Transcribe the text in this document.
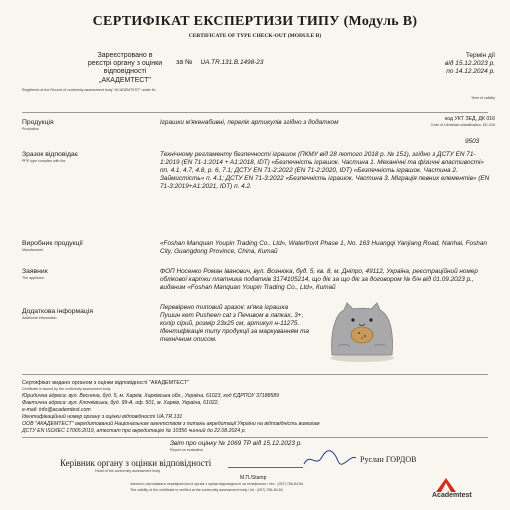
СЕРТИФІКАТ ЕКСПЕРТИЗИ ТИПУ (Модуль В)
CERTIFICATE OF TYPE CHECK-OUT (MODULE B)
Зареєстровано в реєстрі органу з оцінки відповідності „АКАДЕМТЕСТ"
Registered at the Record of conformity assessment body "ACADEMTEST" under №
за № UA.TR.131.B.1498-23
Термін дії
від 15.12.2023 р.
по 14.12.2024 р.
Term of validity
Продукція
Production
Іграшки м'якенабивні, перелік артикулів згідно з додатком	код УКТ ЗЕД, ДК 016
Code of Ukrainian classification, DK-016
9503
Зразок відповідає
PPE type complies with the
Технічному регламенту безпечності іграшок (ПКМУ від 28 лютого 2018 р. № 151), згідно з ДСТУ EN 71-1:2019 (EN 71-1:2014 + A1:2018, IDT) «Безпечність іграшок. Частина 1. Механічні та фізичні властивості» пп. 4.1, 4.7, 4.8, p. 6, 7.1; ДСТУ EN 71-2:2022 (EN 71-2:2020, IDT) «Безпечність іграшок. Частина 2. Займистість» п. 4.1; ДСТУ EN 71-3:2022 «Безпечність іграшок. Частина 3. Міграція певних елементів» (EN 71-3:2019+A1:2021, IDT) п. 4.2.
Виробник продукції
Manufacturer
«Foshan Manquan Youpin Trading Co., Ltd», Waterfront Phase 1, No. 163 Huangqi Yanjiang Road, Nanhai, Foshan City, Guangdong Province, China, Китай
Заявник
The applicant
ФОП Носенко Роман Іванович, вул. Вознюка, буд. 5, кв. 8, м. Дніпро, 49112, Україна, реєстраційний номер облікової картки платника податків 3174105214, що діє за що діє за договором № б/н від 01.09.2023 р., виданим «Foshan Manquan Youpin Trading Co., Ltd», Китай
Додаткова інформація
Additional information
Перевірено типовий зразок: м'яка іграшка Пушин кет Pusheen cat з Печивом в лапках, 3+, колір сірий, розмір 23х25 см, артикул н-11275. Ідентифікація типу продукції за маркуванням та технічним описом.
Сертифікат видано органом з оцінки відповідності "АКАДЕМТЕСТ"
Certificate is issued by the conformity assessment body
Юридична адреса: вул. Весняна, буд. 5, м. Харків, Харківська обл., Україна, 61023, код ЄДРПОУ 37188589
Фактична адреса: вул. Клочківська, буд. 99-А, оф. 501, м. Харків, Україна, 61022,
e-mail: info@academtest.com
Ідентифікаційний номер органу з оцінки відповідності UA.TR.131
ООВ "АКАДЕМТЕСТ" акредитований Національним агентством з питань акредитації України на відповідність вимогам
ДСТУ EN ISO/IEC 17065:2019, атестат про акредитацію № 10356 чинний до 22.08.2024 р.
Звіт про оцінку № 1069 ТР від 15.12.2023 р.
Report on evaluation
Керівник органу з оцінки відповідності
Head of the conformity assessment body
М.П./Stamp
Руслан ГОРДОВ
Чинність сертифіката перевіряється в органі з оцінки відповідності за телефоном / тел.: (057) 766-84-84
The validity of the certificate is verified at the conformity assessment body / tel.: (057) 766-84-84
Academtest
